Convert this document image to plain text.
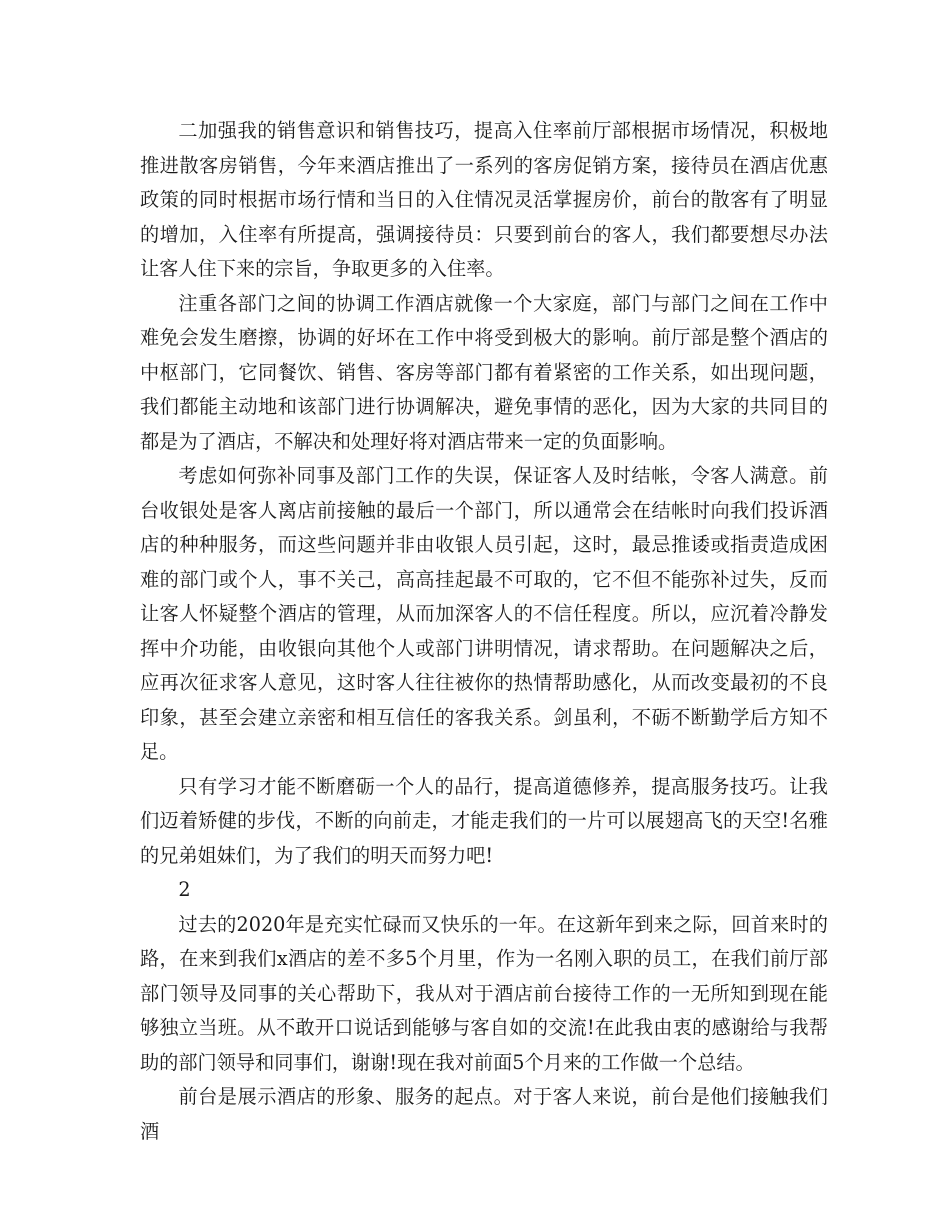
二加强我的销售意识和销售技巧，提高入住率前厅部根据市场情况，积极地推进散客房销售，今年来酒店推出了一系列的客房促销方案，接待员在酒店优惠政策的同时根据市场行情和当日的入住情况灵活掌握房价，前台的散客有了明显的增加，入住率有所提高，强调接待员：只要到前台的客人，我们都要想尽办法让客人住下来的宗旨，争取更多的入住率。

注重各部门之间的协调工作酒店就像一个大家庭，部门与部门之间在工作中难免会发生磨擦，协调的好坏在工作中将受到极大的影响。前厅部是整个酒店的中枢部门，它同餐饮、销售、客房等部门都有着紧密的工作关系，如出现问题，我们都能主动地和该部门进行协调解决，避免事情的恶化，因为大家的共同目的都是为了酒店，不解决和处理好将对酒店带来一定的负面影响。

考虑如何弥补同事及部门工作的失误，保证客人及时结帐，令客人满意。前台收银处是客人离店前接触的最后一个部门，所以通常会在结帐时向我们投诉酒店的种种服务，而这些问题并非由收银人员引起，这时，最忌推诿或指责造成困难的部门或个人，事不关己，高高挂起最不可取的，它不但不能弥补过失，反而让客人怀疑整个酒店的管理，从而加深客人的不信任程度。所以，应沉着冷静发挥中介功能，由收银向其他个人或部门讲明情况，请求帮助。在问题解决之后，应再次征求客人意见，这时客人往往被你的热情帮助感化，从而改变最初的不良印象，甚至会建立亲密和相互信任的客我关系。剑虽利，不砺不断勤学后方知不足。

只有学习才能不断磨砺一个人的品行，提高道德修养，提高服务技巧。让我们迈着矫健的步伐，不断的向前走，才能走我们的一片可以展翅高飞的天空!名雅的兄弟姐妹们，为了我们的明天而努力吧!

2

过去的2020年是充实忙碌而又快乐的一年。在这新年到来之际，回首来时的路，在来到我们x酒店的差不多5个月里，作为一名刚入职的员工，在我们前厅部部门领导及同事的关心帮助下，我从对于酒店前台接待工作的一无所知到现在能够独立当班。从不敢开口说话到能够与客自如的交流!在此我由衷的感谢给与我帮助的部门领导和同事们，谢谢!现在我对前面5个月来的工作做一个总结。

前台是展示酒店的形象、服务的起点。对于客人来说，前台是他们接触我们酒
